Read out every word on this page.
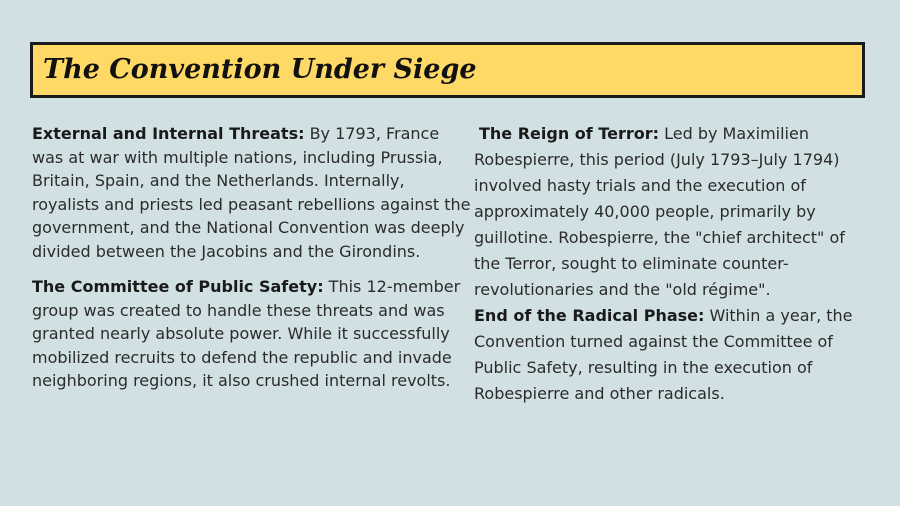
The Convention Under Siege

External and Internal Threats: By 1793, France was at war with multiple nations, including Prussia, Britain, Spain, and the Netherlands. Internally, royalists and priests led peasant rebellions against the government, and the National Convention was deeply divided between the Jacobins and the Girondins.

The Committee of Public Safety: This 12-member group was created to handle these threats and was granted nearly absolute power. While it successfully mobilized recruits to defend the republic and invade neighboring regions, it also crushed internal revolts.

The Reign of Terror: Led by Maximilien Robespierre, this period (July 1793–July 1794) involved hasty trials and the execution of approximately 40,000 people, primarily by guillotine. Robespierre, the "chief architect" of the Terror, sought to eliminate counter-revolutionaries and the "old régime".

End of the Radical Phase: Within a year, the Convention turned against the Committee of Public Safety, resulting in the execution of Robespierre and other radicals.
